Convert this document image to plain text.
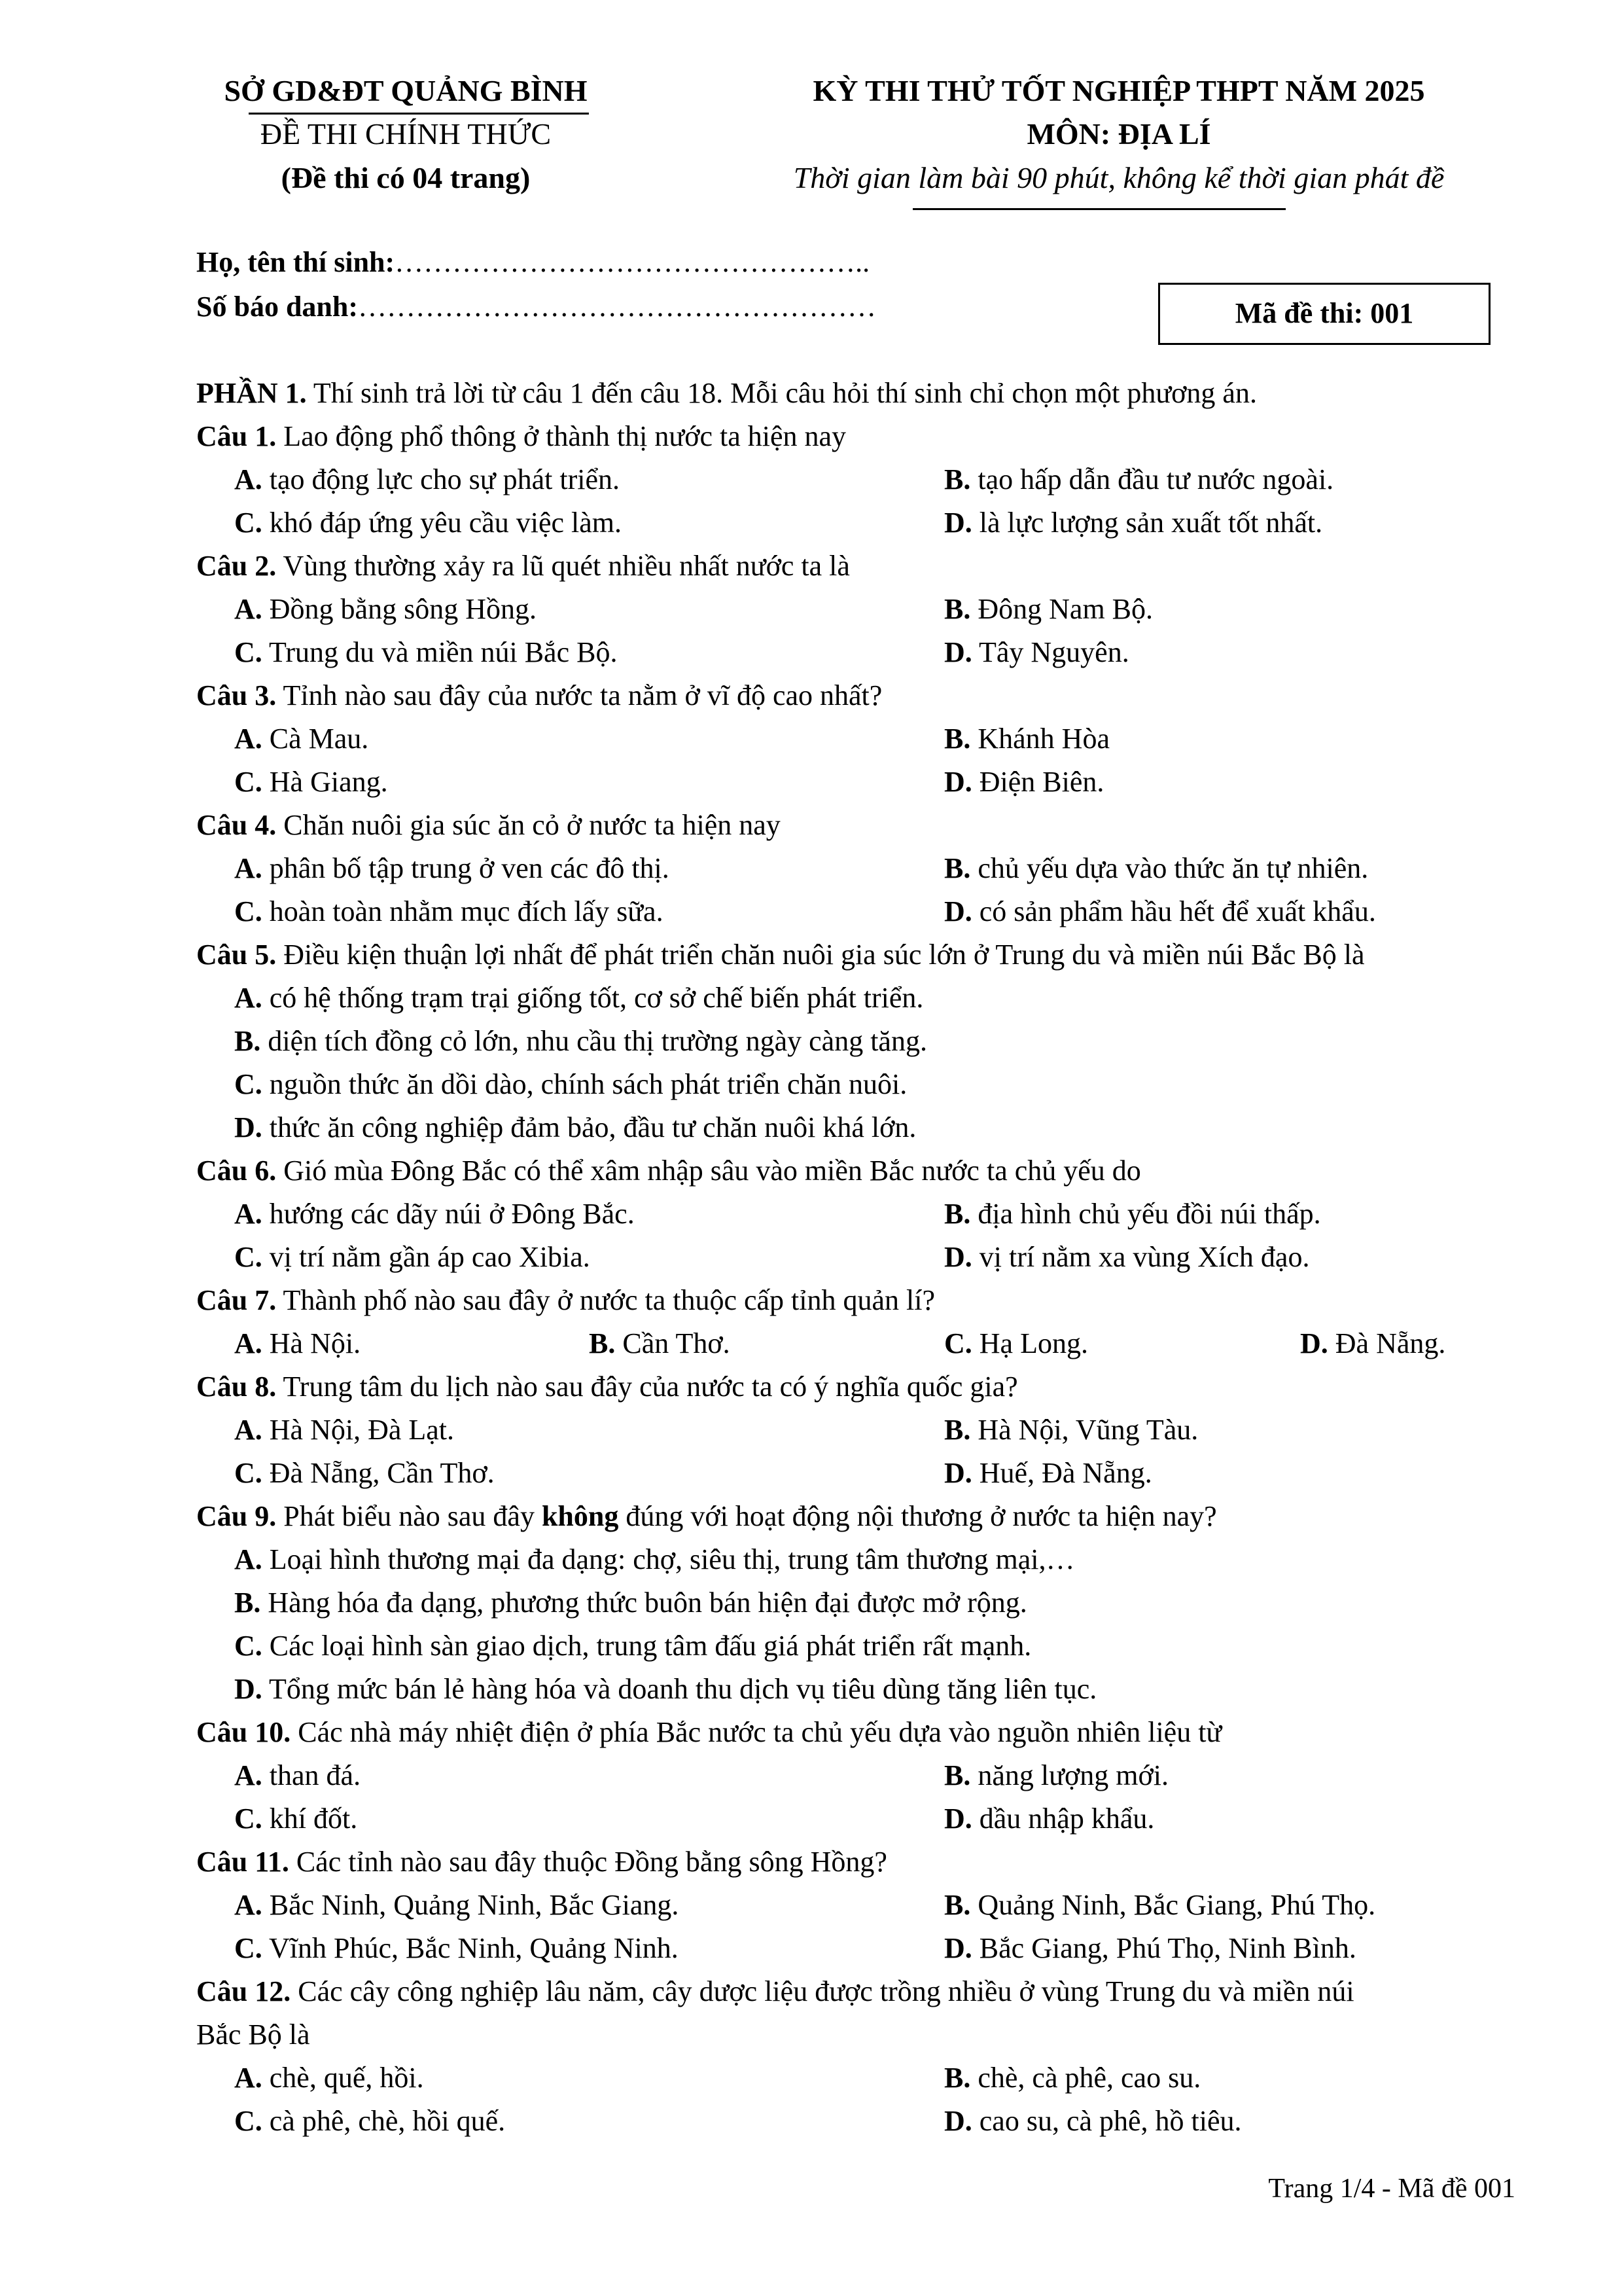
SỞ GD&ĐT QUẢNG BÌNH
ĐỀ THI CHÍNH THỨC
(Đề thi có 04 trang)
KỲ THI THỬ TỐT NGHIỆP THPT NĂM 2025
MÔN: ĐỊA LÍ
Thời gian làm bài 90 phút, không kể thời gian phát đề
Họ, tên thí sinh:…………………………………………..
Số báo danh:………………………………………………	Mã đề thi: 001
PHẦN 1. Thí sinh trả lời từ câu 1 đến câu 18. Mỗi câu hỏi thí sinh chỉ chọn một phương án.
Câu 1. Lao động phổ thông ở thành thị nước ta hiện nay
A. tạo động lực cho sự phát triển.	B. tạo hấp dẫn đầu tư nước ngoài.
C. khó đáp ứng yêu cầu việc làm.	D. là lực lượng sản xuất tốt nhất.
Câu 2. Vùng thường xảy ra lũ quét nhiều nhất nước ta là
A. Đồng bằng sông Hồng.	B. Đông Nam Bộ.
C. Trung du và miền núi Bắc Bộ.	D. Tây Nguyên.
Câu 3. Tỉnh nào sau đây của nước ta nằm ở vĩ độ cao nhất?
A. Cà Mau.	B. Khánh Hòa
C. Hà Giang.	D. Điện Biên.
Câu 4. Chăn nuôi gia súc ăn cỏ ở nước ta hiện nay
A. phân bố tập trung ở ven các đô thị.	B. chủ yếu dựa vào thức ăn tự nhiên.
C. hoàn toàn nhằm mục đích lấy sữa.	D. có sản phẩm hầu hết để xuất khẩu.
Câu 5. Điều kiện thuận lợi nhất để phát triển chăn nuôi gia súc lớn ở Trung du và miền núi Bắc Bộ là
A. có hệ thống trạm trại giống tốt, cơ sở chế biến phát triển.
B. diện tích đồng cỏ lớn, nhu cầu thị trường ngày càng tăng.
C. nguồn thức ăn dồi dào, chính sách phát triển chăn nuôi.
D. thức ăn công nghiệp đảm bảo, đầu tư chăn nuôi khá lớn.
Câu 6. Gió mùa Đông Bắc có thể xâm nhập sâu vào miền Bắc nước ta chủ yếu do
A. hướng các dãy núi ở Đông Bắc.	B. địa hình chủ yếu đồi núi thấp.
C. vị trí nằm gần áp cao Xibia.	D. vị trí nằm xa vùng Xích đạo.
Câu 7. Thành phố nào sau đây ở nước ta thuộc cấp tỉnh quản lí?
A. Hà Nội.	B. Cần Thơ.	C. Hạ Long.	D. Đà Nẵng.
Câu 8. Trung tâm du lịch nào sau đây của nước ta có ý nghĩa quốc gia?
A. Hà Nội, Đà Lạt.	B. Hà Nội, Vũng Tàu.
C. Đà Nẵng, Cần Thơ.	D. Huế, Đà Nẵng.
Câu 9. Phát biểu nào sau đây không đúng với hoạt động nội thương ở nước ta hiện nay?
A. Loại hình thương mại đa dạng: chợ, siêu thị, trung tâm thương mại,…
B. Hàng hóa đa dạng, phương thức buôn bán hiện đại được mở rộng.
C. Các loại hình sàn giao dịch, trung tâm đấu giá phát triển rất mạnh.
D. Tổng mức bán lẻ hàng hóa và doanh thu dịch vụ tiêu dùng tăng liên tục.
Câu 10. Các nhà máy nhiệt điện ở phía Bắc nước ta chủ yếu dựa vào nguồn nhiên liệu từ
A. than đá.	B. năng lượng mới.
C. khí đốt.	D. dầu nhập khẩu.
Câu 11. Các tỉnh nào sau đây thuộc Đồng bằng sông Hồng?
A. Bắc Ninh, Quảng Ninh, Bắc Giang.	B. Quảng Ninh, Bắc Giang, Phú Thọ.
C. Vĩnh Phúc, Bắc Ninh, Quảng Ninh.	D. Bắc Giang, Phú Thọ, Ninh Bình.
Câu 12. Các cây công nghiệp lâu năm, cây dược liệu được trồng nhiều ở vùng Trung du và miền núi
Bắc Bộ là
A. chè, quế, hồi.	B. chè, cà phê, cao su.
C. cà phê, chè, hồi quế.	D. cao su, cà phê, hồ tiêu.
Trang 1/4 - Mã đề 001
